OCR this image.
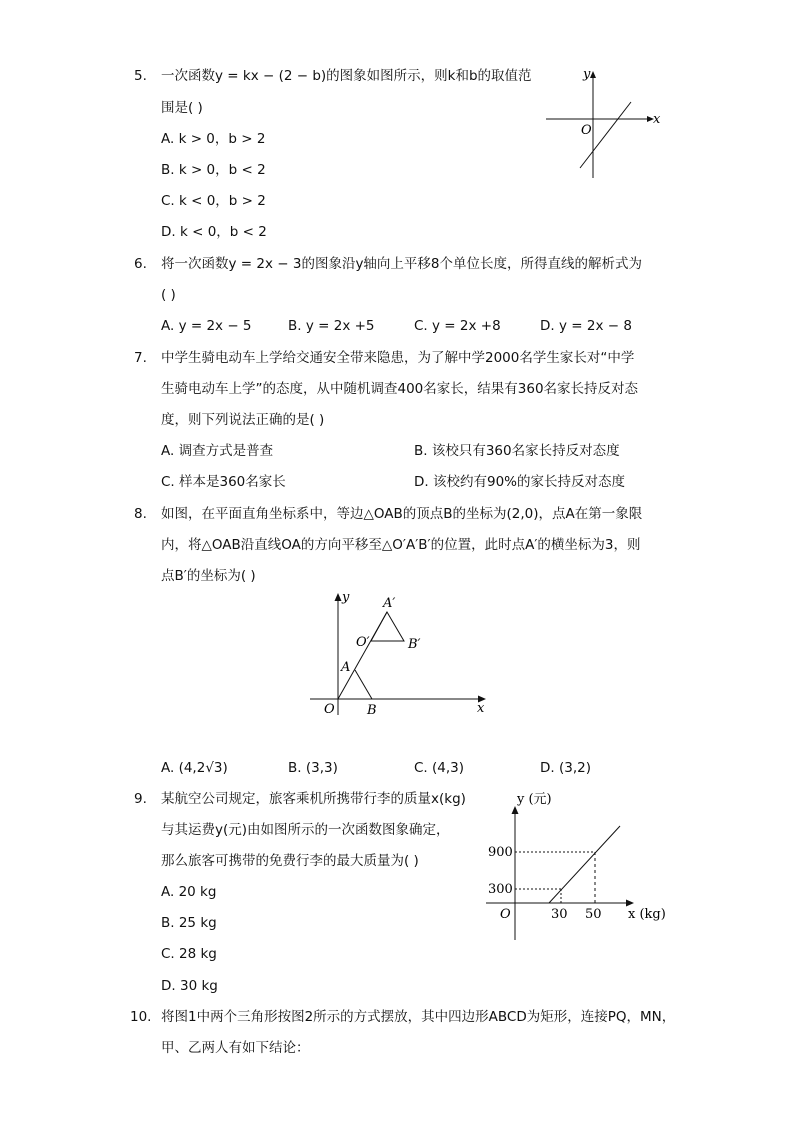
5. 一次函数y = kx − (2 − b)的图象如图所示，则k和b的取值范
围是( )
A. k > 0，b > 2
B. k > 0，b < 2
C. k < 0，b > 2
D. k < 0，b < 2
y
x
O
6. 将一次函数y = 2x − 3的图象沿y轴向上平移8个单位长度，所得直线的解析式为
( )
A. y = 2x − 5	B. y = 2x +5	C. y = 2x +8	D. y = 2x − 8
7. 中学生骑电动车上学给交通安全带来隐患，为了解中学2000名学生家长对“中学
生骑电动车上学”的态度，从中随机调查400名家长，结果有360名家长持反对态
度，则下列说法正确的是( )
A. 调查方式是普查	B. 该校只有360名家长持反对态度
C. 样本是360名家长	D. 该校约有90%的家长持反对态度
8. 如图，在平面直角坐标系中，等边△OAB的顶点B的坐标为(2,0)，点A在第一象限
内，将△OAB沿直线OA的方向平移至△O′A′B′的位置，此时点A′的横坐标为3，则
点B′的坐标为( )
y
x
O
A
B
A′
O′	B′
A. (4,2√3)	B. (3,3)	C. (4,3)	D. (3,2)
9. 某航空公司规定，旅客乘机所携带行李的质量x(kg)
与其运费y(元)由如图所示的一次函数图象确定，
那么旅客可携带的免费行李的最大质量为( )
A. 20 kg
B. 25 kg
C. 28 kg
D. 30 kg
y (元)
x (kg)
O
900
300
30 50
10. 将图1中两个三角形按图2所示的方式摆放，其中四边形ABCD为矩形，连接PQ，MN，
甲、乙两人有如下结论：
